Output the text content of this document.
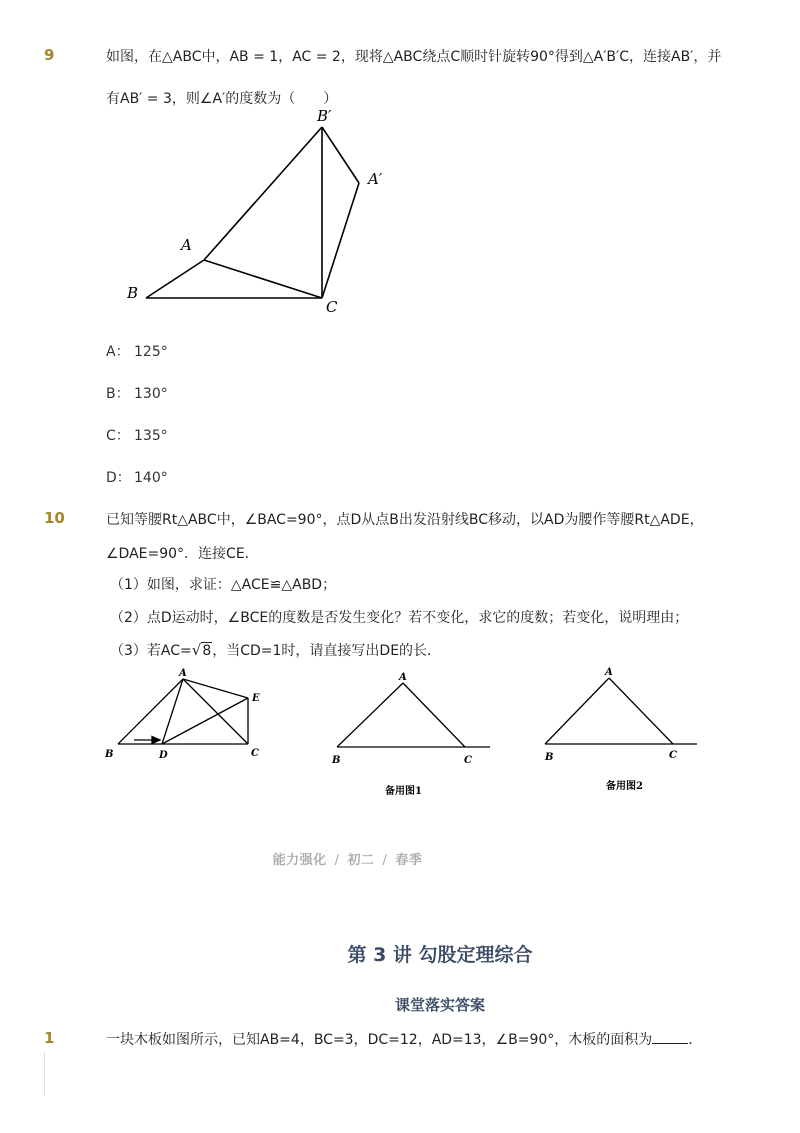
9	如图，在△ABC中，AB = 1，AC = 2，现将△ABC绕点C顺时针旋转90°得到△A′B′C，连接AB′，并
有AB′ = 3，则∠A′的度数为（　　）
B′
A′
A
B
C
A： 125°
B： 130°
C： 135°
D： 140°
10	已知等腰Rt△ABC中，∠BAC=90°，点D从点B出发沿射线BC移动，以AD为腰作等腰Rt△ADE，
∠DAE=90°．连接CE．
（1）如图，求证：△ACE≌△ABD；
（2）点D运动时，∠BCE的度数是否发生变化？若不变化，求它的度数；若变化，说明理由；
（3）若AC=√8，当CD=1时，请直接写出DE的长．
A
E
B	D	C
A
B	C
备用图1
A
B	C
备用图2
能力强化 / 初二 / 春季
第 3 讲 勾股定理综合
课堂落实答案
1	一块木板如图所示，已知AB=4，BC=3，DC=12，AD=13，∠B=90°，木板的面积为	．
